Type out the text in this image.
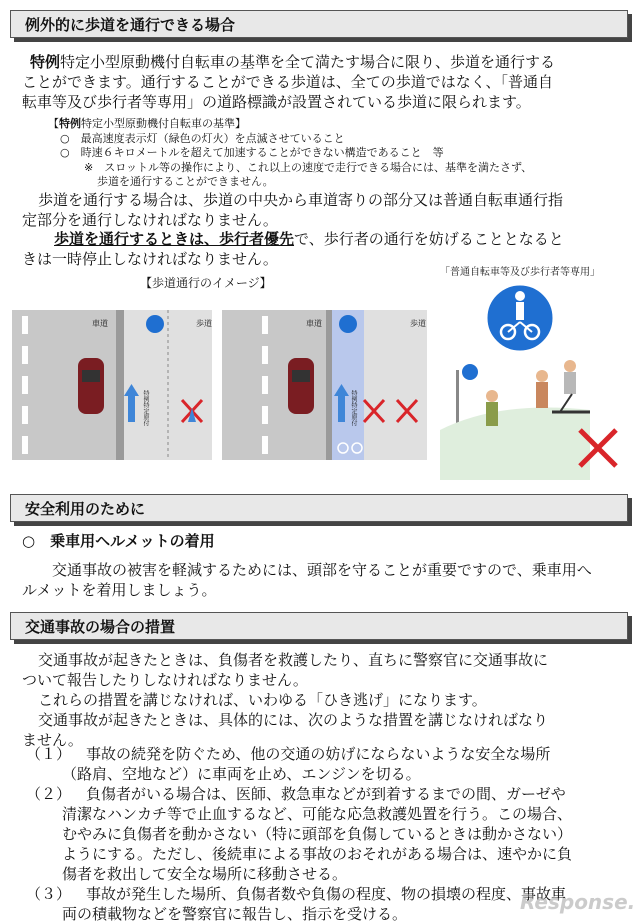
例外的に歩道を通行できる場合
特例特定小型原動機付自転車の基準を全て満たす場合に限り、歩道を通行する
ことができます。通行することができる歩道は、全ての歩道ではなく、「普通自
転車等及び歩行者等専用」の道路標識が設置されている歩道に限られます。
【特例特定小型原動機付自転車の基準】
○　最高速度表示灯（緑色の灯火）を点滅させていること
○　時速６キロメートルを超えて加速することができない構造であること　等
※　スロットル等の操作により、これ以上の速度で走行できる場合には、基準を満たさず、
歩道を通行することができません。
歩道を通行する場合は、歩道の中央から車道寄りの部分又は普通自転車通行指
定部分を通行しなければなりません。
歩道を通行するときは、歩行者優先で、歩行者の通行を妨げることとなると
きは一時停止しなければなりません。
「普通自転車等及び歩行者等専用」
【歩道通行のイメージ】
車道	歩道
特例特定原付
車道	歩道
特例特定原付
安全利用のために
○　乗車用ヘルメットの着用
交通事故の被害を軽減するためには、頭部を守ることが重要ですので、乗車用へ
ルメットを着用しましょう。
交通事故の場合の措置
交通事故が起きたときは、負傷者を救護したり、直ちに警察官に交通事故に
ついて報告したりしなければなりません。
これらの措置を講じなければ、いわゆる「ひき逃げ」になります。
交通事故が起きたときは、具体的には、次のような措置を講じなければなり
ません。
（１） 事故の続発を防ぐため、他の交通の妨げにならないような安全な場所
（路肩、空地など）に車両を止め、エンジンを切る。
（２） 負傷者がいる場合は、医師、救急車などが到着するまでの間、ガーゼや
清潔なハンカチ等で止血するなど、可能な応急救護処置を行う。この場合、
むやみに負傷者を動かさない（特に頭部を負傷しているときは動かさない）
ようにする。ただし、後続車による事故のおそれがある場合は、速やかに負
傷者を救出して安全な場所に移動させる。
（３） 事故が発生した場所、負傷者数や負傷の程度、物の損壊の程度、事故車
両の積載物などを警察官に報告し、指示を受ける。	Response.
